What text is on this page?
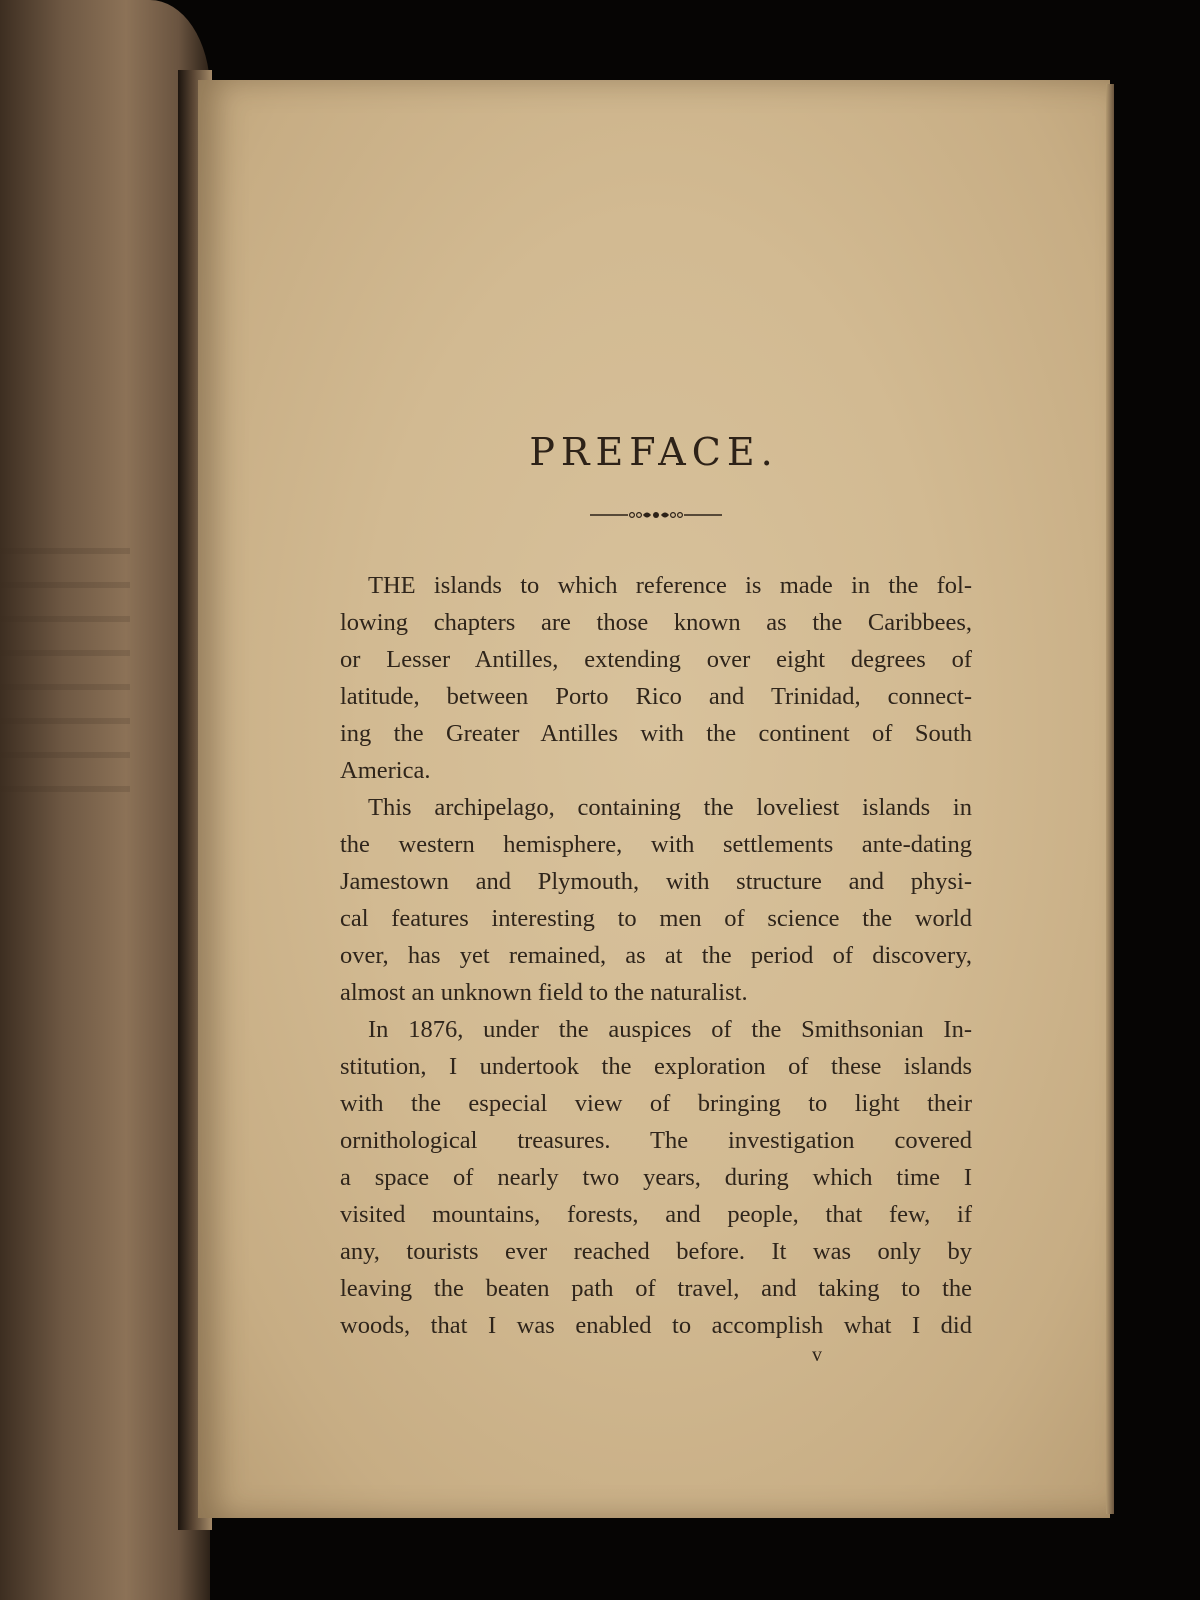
PREFACE.
THE islands to which reference is made in the fol-
lowing chapters are those known as the Caribbees,
or Lesser Antilles, extending over eight degrees of
latitude, between Porto Rico and Trinidad, connect-
ing the Greater Antilles with the continent of South
America.
This archipelago, containing the loveliest islands in
the western hemisphere, with settlements ante-dating
Jamestown and Plymouth, with structure and physi-
cal features interesting to men of science the world
over, has yet remained, as at the period of discovery,
almost an unknown field to the naturalist.
In 1876, under the auspices of the Smithsonian In-
stitution, I undertook the exploration of these islands
with the especial view of bringing to light their
ornithological treasures. The investigation covered
a space of nearly two years, during which time I
visited mountains, forests, and people, that few, if
any, tourists ever reached before. It was only by
leaving the beaten path of travel, and taking to the
woods, that I was enabled to accomplish what I did
v
